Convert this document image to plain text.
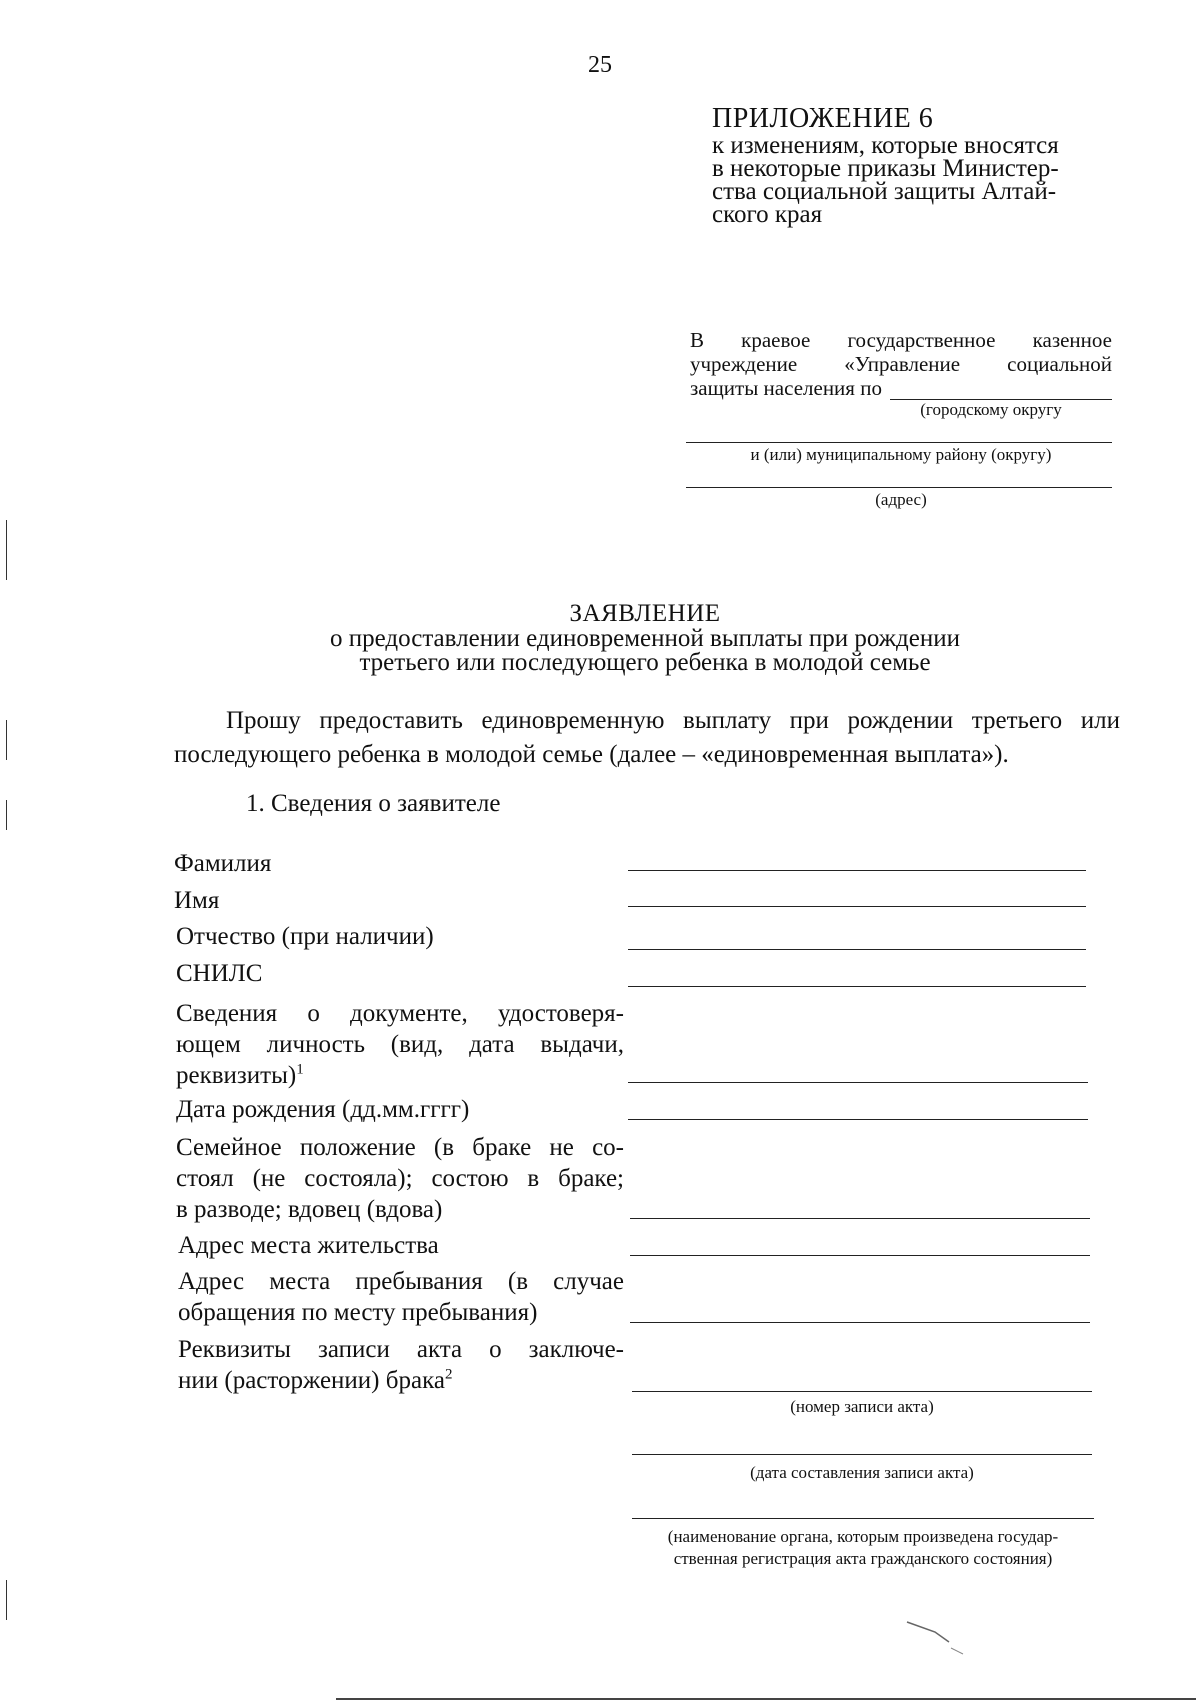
25
ПРИЛОЖЕНИЕ 6
к изменениям, которые вносятся
в некоторые приказы Министер-
ства социальной защиты Алтай-
ского края
В краевое государственное казенное
учреждение «Управление социальной
защиты населения по
(городскому округу
и (или) муниципальному району (округу)
(адрес)
ЗАЯВЛЕНИЕ
о предоставлении единовременной выплаты при рождении
третьего или последующего ребенка в молодой семье
Прошу предоставить единовременную выплату при рождении третьего или
последующего ребенка в молодой семье (далее – «единовременная выплата»).
1. Сведения о заявителе
Фамилия
Имя
Отчество (при наличии)
СНИЛС
Сведения о документе, удостоверя-
ющем личность (вид, дата выдачи,
реквизиты)$^1$
Дата рождения (дд.мм.гггг)
Семейное положение (в браке не со-
стоял (не состояла); состою в браке;
в разводе; вдовец (вдова)
Адрес места жительства
Адрес места пребывания (в случае
обращения по месту пребывания)
Реквизиты записи акта о заключе-
нии (расторжении) брака$^2$
(номер записи акта)
(дата составления записи акта)
(наименование органа, которым произведена государ-
ственная регистрация акта гражданского состояния)
